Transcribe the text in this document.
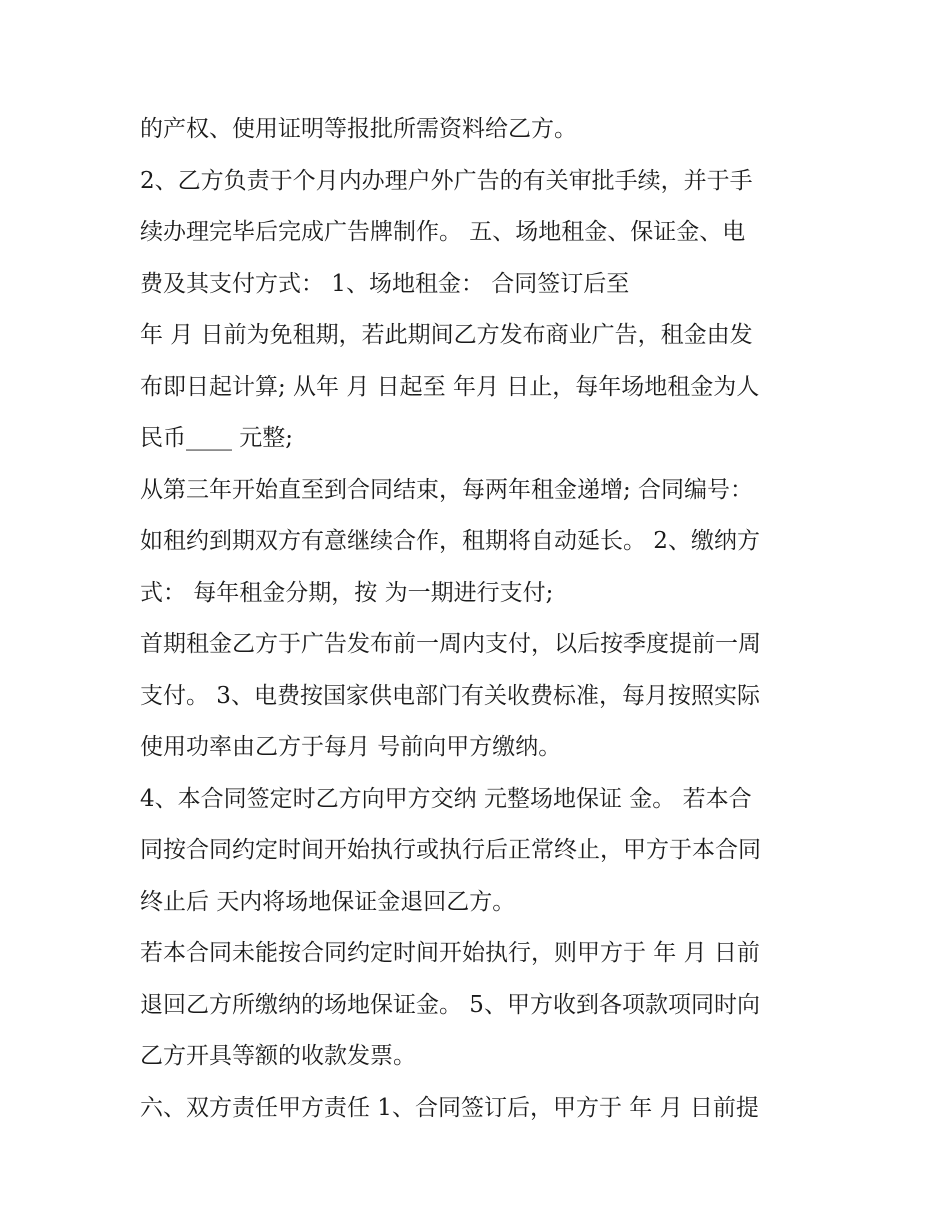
的产权、使用证明等报批所需资料给乙方。
2、乙方负责于个月内办理户外广告的有关审批手续，并于手
续办理完毕后完成广告牌制作。 五、场地租金、保证金、电
费及其支付方式： 1、场地租金： 合同签订后至
年 月 日前为免租期，若此期间乙方发布商业广告，租金由发
布即日起计算; 从年 月 日起至 年月 日止，每年场地租金为人
民币____ 元整;
从第三年开始直至到合同结束，每两年租金递增; 合同编号：
如租约到期双方有意继续合作，租期将自动延长。 2、缴纳方
式： 每年租金分期，按 为一期进行支付;
首期租金乙方于广告发布前一周内支付，以后按季度提前一周
支付。 3、电费按国家供电部门有关收费标准，每月按照实际
使用功率由乙方于每月 号前向甲方缴纳。
4、本合同签定时乙方向甲方交纳 元整场地保证 金。 若本合
同按合同约定时间开始执行或执行后正常终止，甲方于本合同
终止后 天内将场地保证金退回乙方。
若本合同未能按合同约定时间开始执行，则甲方于 年 月 日前
退回乙方所缴纳的场地保证金。 5、甲方收到各项款项同时向
乙方开具等额的收款发票。
六、双方责任甲方责任 1、合同签订后，甲方于 年 月 日前提
